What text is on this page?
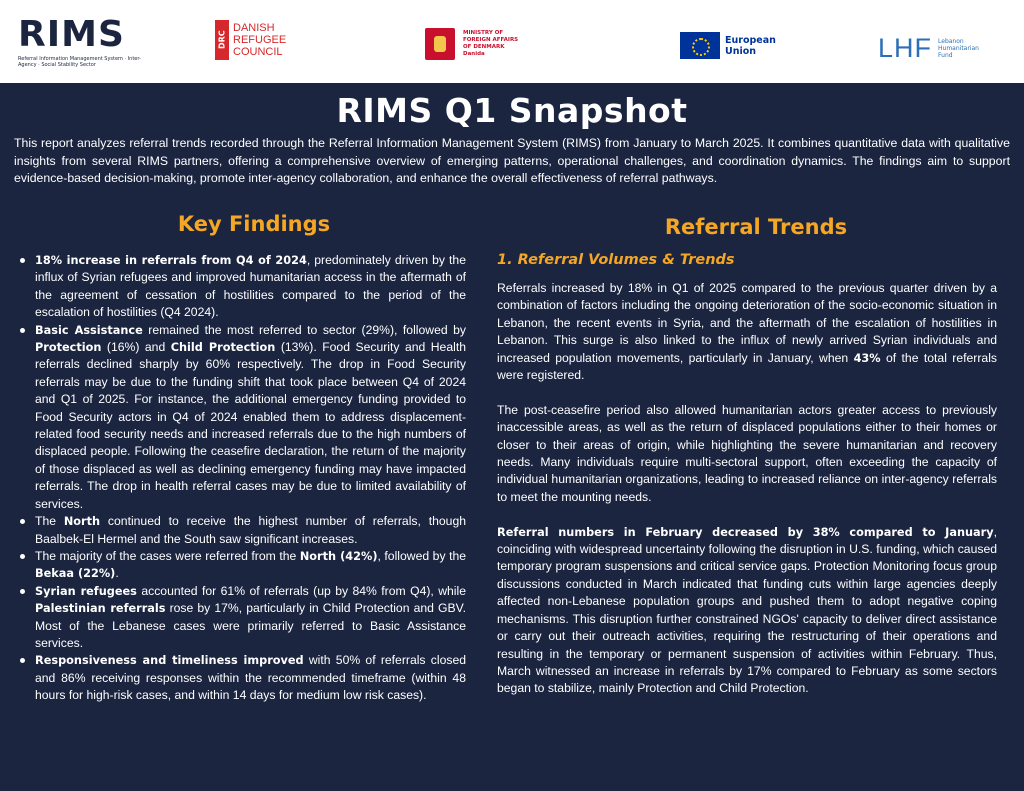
RIMS
Referral Information Management System · Inter-Agency · Social Stability Sector
DRC
DANISH
REFUGEE
COUNCIL
MINISTRY OF
FOREIGN AFFAIRS
OF DENMARK
Danida
European
Union	LHF Lebanon
Humanitarian
Fund
RIMS Q1 Snapshot

This report analyzes referral trends recorded through the Referral Information Management System (RIMS) from January to March 2025. It combines quantitative data with qualitative insights from several RIMS partners, offering a comprehensive overview of emerging patterns, operational challenges, and coordination dynamics. The findings aim to support evidence-based decision-making, promote inter-agency collaboration, and enhance the overall effectiveness of referral pathways.

Key Findings
18% increase in referrals from Q4 of 2024, predominately driven by the influx of Syrian refugees and improved humanitarian access in the aftermath of the agreement of cessation of hostilities compared to the period of the escalation of hostilities (Q4 2024).
Basic Assistance remained the most referred to sector (29%), followed by Protection (16%) and Child Protection (13%). Food Security and Health referrals declined sharply by 60% respectively. The drop in Food Security referrals may be due to the funding shift that took place between Q4 of 2024 and Q1 of 2025. For instance, the additional emergency funding provided to Food Security actors in Q4 of 2024 enabled them to address displacement-related food security needs and increased referrals due to the high numbers of displaced people. Following the ceasefire declaration, the return of the majority of those displaced as well as declining emergency funding may have impacted referrals. The drop in health referral cases may be due to limited availability of services.
The North continued to receive the highest number of referrals, though Baalbek-El Hermel and the South saw significant increases.
The majority of the cases were referred from the North (42%), followed by the Bekaa (22%).
Syrian refugees accounted for 61% of referrals (up by 84% from Q4), while Palestinian referrals rose by 17%, particularly in Child Protection and GBV. Most of the Lebanese cases were primarily referred to Basic Assistance services.
Responsiveness and timeliness improved with 50% of referrals closed and 86% receiving responses within the recommended timeframe (within 48 hours for high-risk cases, and within 14 days for medium low risk cases).
Referral Trends
1. Referral Volumes & Trends

Referrals increased by 18% in Q1 of 2025 compared to the previous quarter driven by a combination of factors including the ongoing deterioration of the socio-economic situation in Lebanon, the recent events in Syria, and the aftermath of the escalation of hostilities in Lebanon. This surge is also linked to the influx of newly arrived Syrian individuals and increased population movements, particularly in January, when 43% of the total referrals were registered.

The post-ceasefire period also allowed humanitarian actors greater access to previously inaccessible areas, as well as the return of displaced populations either to their homes or closer to their areas of origin, while highlighting the severe humanitarian and recovery needs. Many individuals require multi-sectoral support, often exceeding the capacity of individual humanitarian organizations, leading to increased reliance on inter-agency referrals to meet the mounting needs.

Referral numbers in February decreased by 38% compared to January, coinciding with widespread uncertainty following the disruption in U.S. funding, which caused temporary program suspensions and critical service gaps. Protection Monitoring focus group discussions conducted in March indicated that funding cuts within large agencies deeply affected non-Lebanese population groups and pushed them to adopt negative coping mechanisms. This disruption further constrained NGOs' capacity to deliver direct assistance or carry out their outreach activities, requiring the restructuring of their operations and resulting in the temporary or permanent suspension of activities within February. Thus, March witnessed an increase in referrals by 17% compared to February as some sectors began to stabilize, mainly Protection and Child Protection.
